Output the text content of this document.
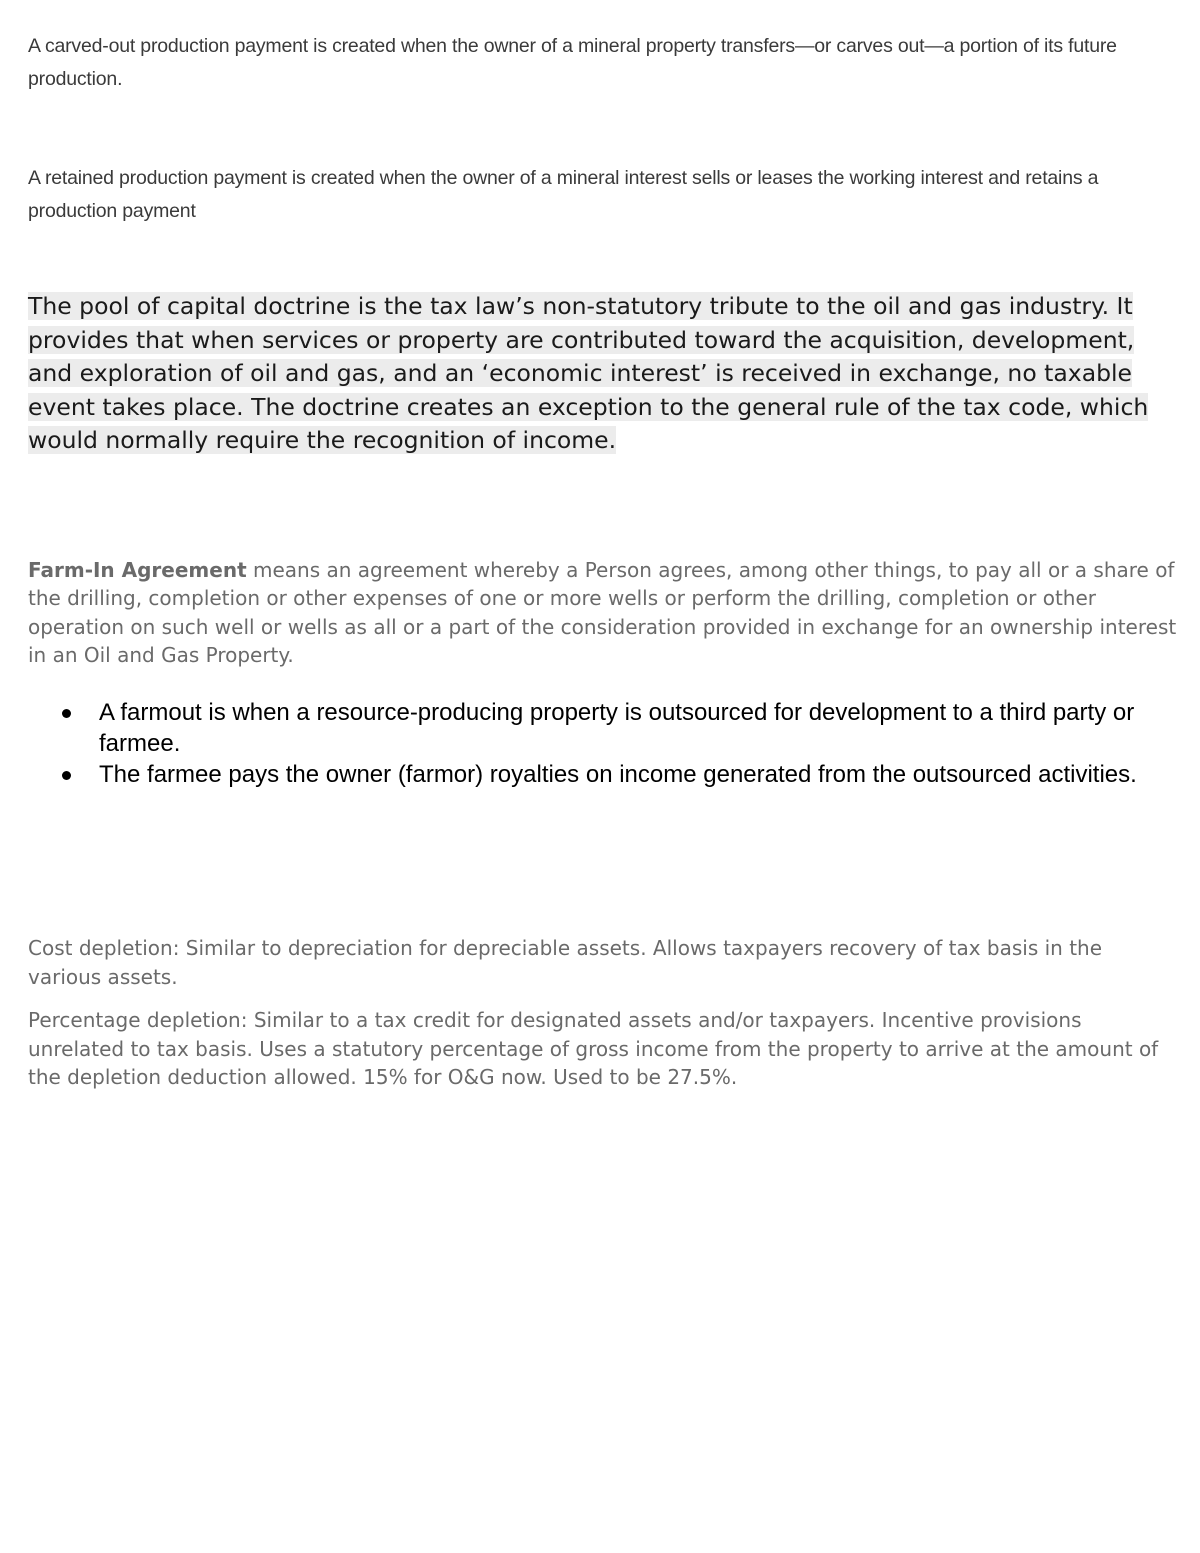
A carved-out production payment is created when the owner of a mineral property transfers—or carves out—a portion of its future production.

A retained production payment is created when the owner of a mineral interest sells or leases the working interest and retains a production payment

The pool of capital doctrine is the tax law’s non-statutory tribute to the oil and gas industry. It provides that when services or property are contributed toward the acquisition, development, and exploration of oil and gas, and an ‘economic interest’ is received in exchange, no taxable event takes place. The doctrine creates an exception to the general rule of the tax code, which would normally require the recognition of income.

Farm-In Agreement means an agreement whereby a Person agrees, among other things, to pay all or a share of the drilling, completion or other expenses of one or more wells or perform the drilling, completion or other operation on such well or wells as all or a part of the consideration provided in exchange for an ownership interest in an Oil and Gas Property.

A farmout is when a resource-producing property is outsourced for development to a third party or farmee.
The farmee pays the owner (farmor) royalties on income generated from the outsourced activities.

Cost depletion: Similar to depreciation for depreciable assets. Allows taxpayers recovery of tax basis in the various assets.

Percentage depletion: Similar to a tax credit for designated assets and/or taxpayers. Incentive provisions unrelated to tax basis. Uses a statutory percentage of gross income from the property to arrive at the amount of the depletion deduction allowed. 15% for O&G now. Used to be 27.5%.
